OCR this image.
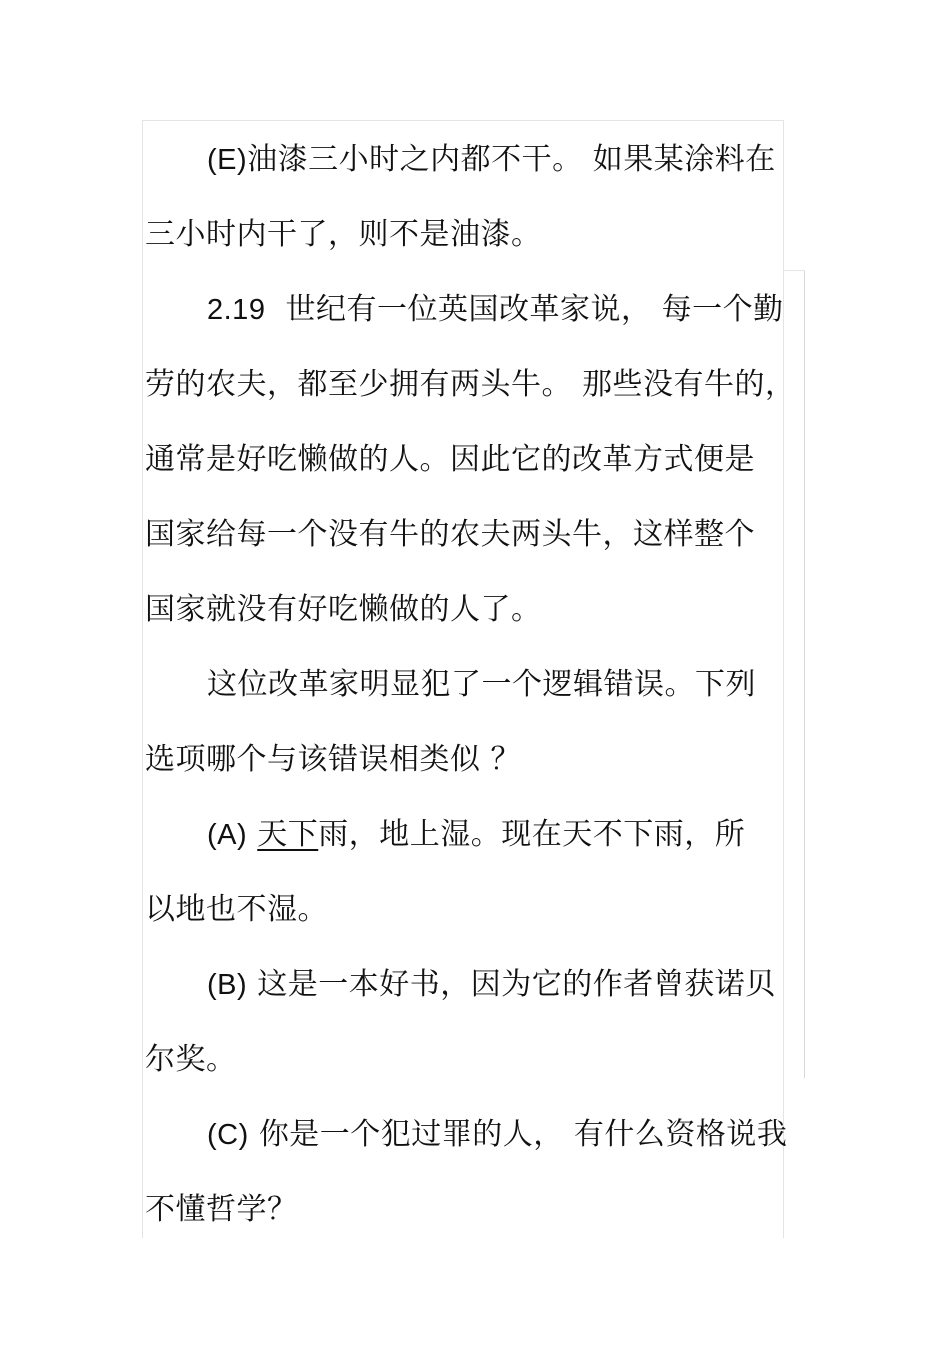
(E)油漆三小时之内都不干。 如果某涂料在
三小时内干了，则不是油漆。
2.19 世纪有一位英国改革家说， 每一个勤
劳的农夫，都至少拥有两头牛。 那些没有牛的，
通常是好吃懒做的人。因此它的改革方式便是
国家给每一个没有牛的农夫两头牛，这样整个
国家就没有好吃懒做的人了。
这位改革家明显犯了一个逻辑错误。下列
选项哪个与该错误相类似 ？
(A) 天下雨，地上湿。现在天不下雨，所
以地也不湿。
(B) 这是一本好书，因为它的作者曾获诺贝
尔奖。
(C) 你是一个犯过罪的人， 有什么资格说我
不懂哲学？
